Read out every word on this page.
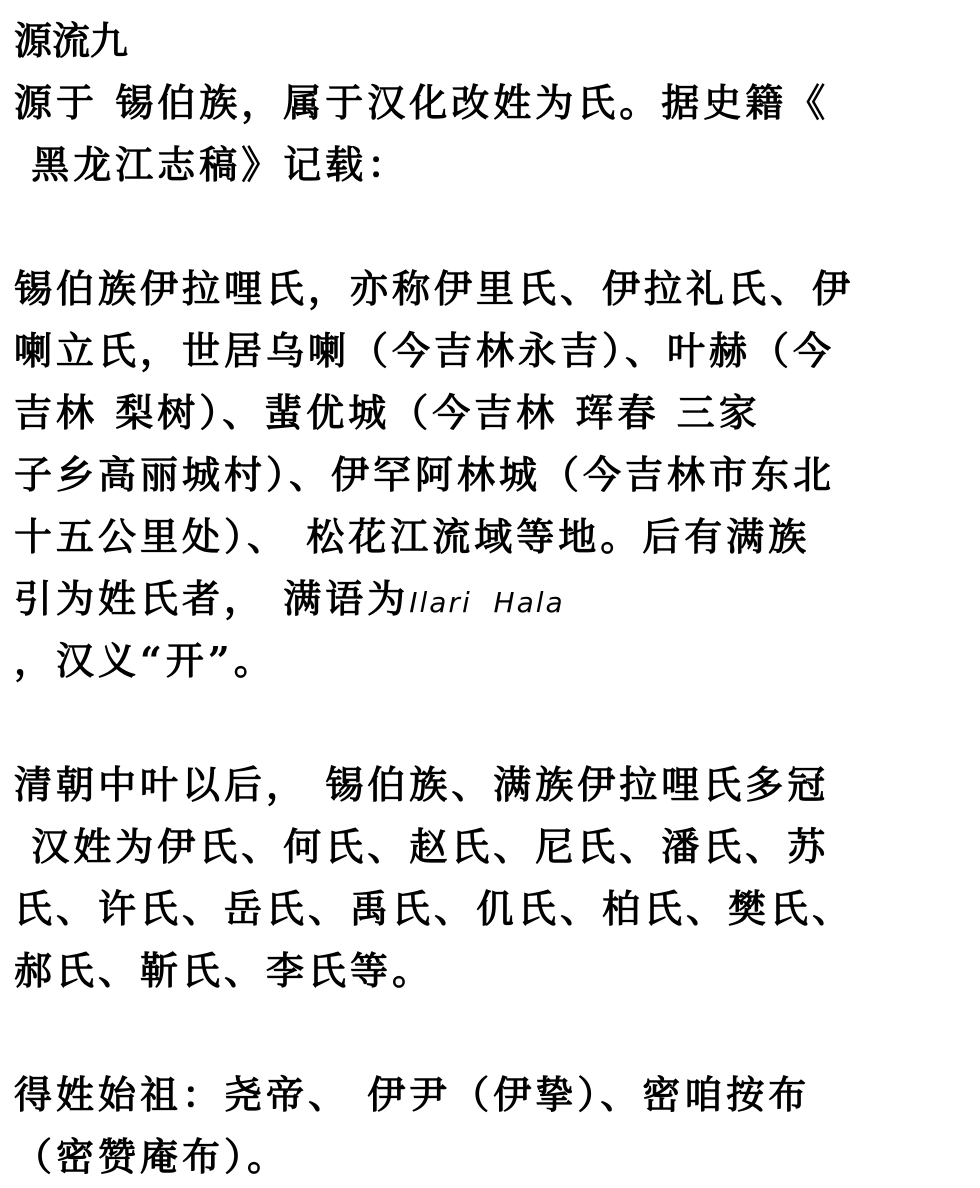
源流九
源于 锡伯族，属于汉化改姓为氏。据史籍《
黑龙江志稿》记载：
锡伯族伊拉哩氏，亦称伊里氏、伊拉礼氏、伊
喇立氏，世居乌喇（今吉林永吉）、叶赫（今
吉林 梨树）、蜚优城（今吉林 珲春 三家
子乡高丽城村）、伊罕阿林城（今吉林市东北
十五公里处）、 松花江流域等地。后有满族
引为姓氏者， 满语为Ilari  Hala
，汉义“开”。
清朝中叶以后， 锡伯族、满族伊拉哩氏多冠
汉姓为伊氏、何氏、赵氏、尼氏、潘氏、苏
氏、许氏、岳氏、禹氏、仉氏、柏氏、樊氏、
郝氏、靳氏、李氏等。
得姓始祖：尧帝、 伊尹（伊挚）、密咱按布
（密赞庵布）。
